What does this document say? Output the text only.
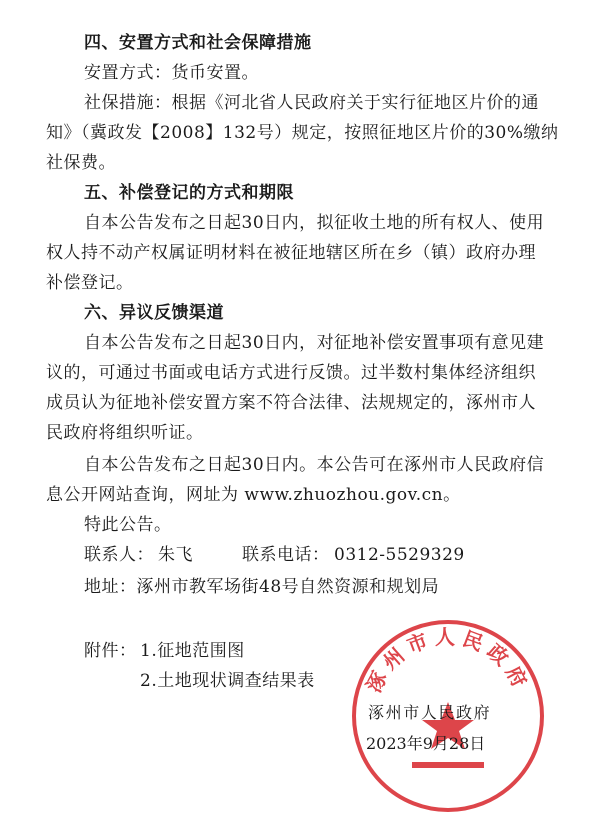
四、安置方式和社会保障措施
安置方式：货币安置。
社保措施：根据《河北省人民政府关于实行征地区片价的通
知》（冀政发【2008】132号）规定，按照征地区片价的30%缴纳
社保费。
五、补偿登记的方式和期限
自本公告发布之日起30日内，拟征收土地的所有权人、使用
权人持不动产权属证明材料在被征地辖区所在乡（镇）政府办理
补偿登记。
六、异议反馈渠道
自本公告发布之日起30日内，对征地补偿安置事项有意见建
议的，可通过书面或电话方式进行反馈。过半数村集体经济组织
成员认为征地补偿安置方案不符合法律、法规规定的，涿州市人
民政府将组织听证。
自本公告发布之日起30日内。本公告可在涿州市人民政府信
息公开网站查询，网址为 www.zhuozhou.gov.cn。
特此公告。
联系人： 朱飞	联系电话： 0312-5529329
地址：涿州市教军场街48号自然资源和规划局
附件： 1.征地范围图
2.土地现状调查结果表 涿州市人民政府
涿州市人民政府
2023年9月28日
